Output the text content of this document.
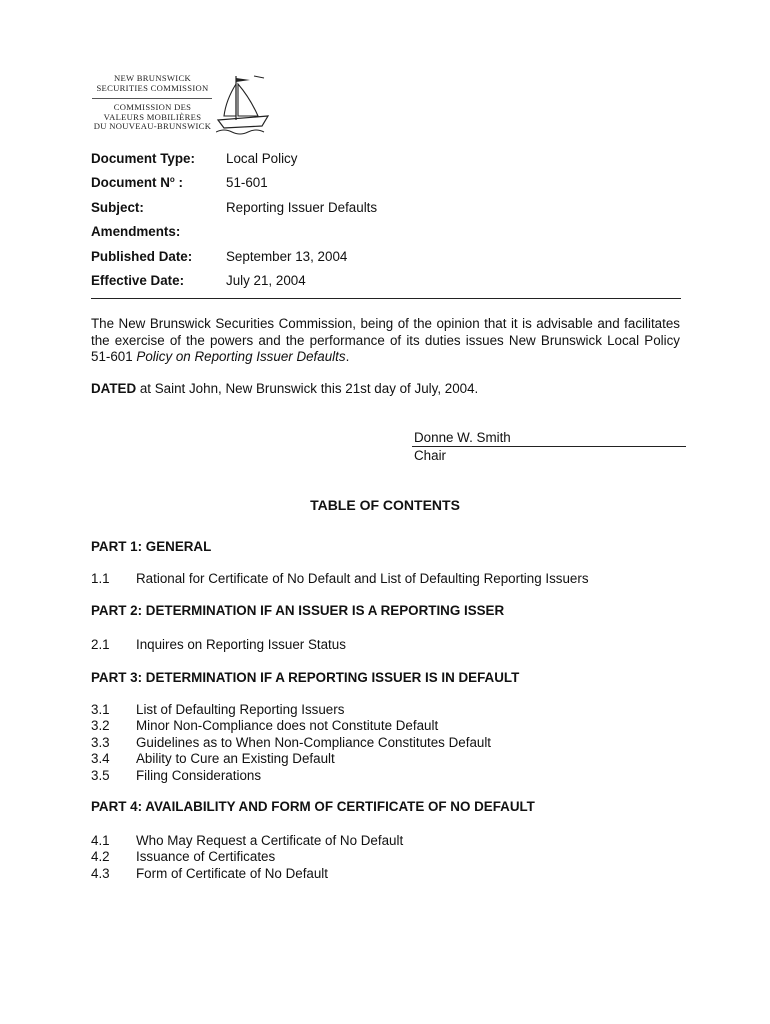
NEW BRUNSWICK
SECURITIES COMMISSION
COMMISSION DES
VALEURS MOBILIÈRES
DU NOUVEAU-BRUNSWICK
Document Type: Local Policy
Document $N^o$ :	51-601
Subject:	Reporting Issuer Defaults
Amendments:
Published Date:	September 13, 2004
Effective Date:	July 21, 2004
The New Brunswick Securities Commission, being of the opinion that it is advisable and facilitates the exercise of the powers and the performance of its duties issues New Brunswick Local Policy 51-601 Policy on Reporting Issuer Defaults.
DATED at Saint John, New Brunswick this 21st day of July, 2004.
Donne W. Smith
Chair
TABLE OF CONTENTS
PART 1: GENERAL
1.1 Rational for Certificate of No Default and List of Defaulting Reporting Issuers
PART 2: DETERMINATION IF AN ISSUER IS A REPORTING ISSER
2.1 Inquires on Reporting Issuer Status
PART 3: DETERMINATION IF A REPORTING ISSUER IS IN DEFAULT
3.1 List of Defaulting Reporting Issuers
3.2 Minor Non-Compliance does not Constitute Default
3.3 Guidelines as to When Non-Compliance Constitutes Default
3.4 Ability to Cure an Existing Default
3.5 Filing Considerations
PART 4: AVAILABILITY AND FORM OF CERTIFICATE OF NO DEFAULT
4.1 Who May Request a Certificate of No Default
4.2 Issuance of Certificates
4.3 Form of Certificate of No Default
